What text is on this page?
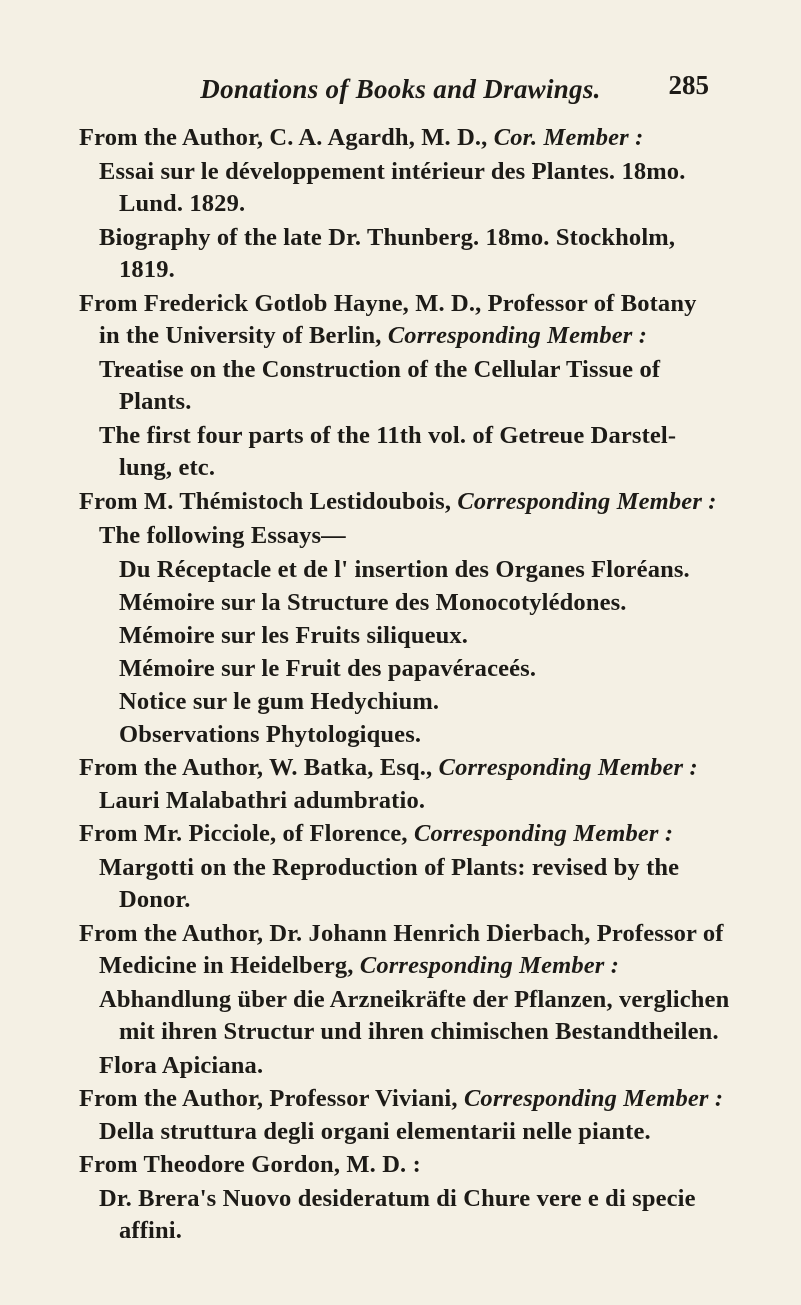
Donations of Books and Drawings.	285
From the Author, C. A. Agardh, M. D., Cor. Member :
Essai sur le développement intérieur des Plantes. 18mo.
Lund. 1829.
Biography of the late Dr. Thunberg. 18mo. Stockholm,
1819.
From Frederick Gotlob Hayne, M. D., Professor of Botany
in the University of Berlin, Corresponding Member :
Treatise on the Construction of the Cellular Tissue of
Plants.
The first four parts of the 11th vol. of Getreue Darstel-
lung, etc.
From M. Thémistoch Lestidoubois, Corresponding Member :
The following Essays—
Du Réceptacle et de l' insertion des Organes Floréans.
Mémoire sur la Structure des Monocotylédones.
Mémoire sur les Fruits siliqueux.
Mémoire sur le Fruit des papavéraceés.
Notice sur le gum Hedychium.
Observations Phytologiques.
From the Author, W. Batka, Esq., Corresponding Member :
Lauri Malabathri adumbratio.
From Mr. Picciole, of Florence, Corresponding Member :
Margotti on the Reproduction of Plants: revised by the
Donor.
From the Author, Dr. Johann Henrich Dierbach, Professor of
Medicine in Heidelberg, Corresponding Member :
Abhandlung über die Arzneikräfte der Pflanzen, verglichen
mit ihren Structur und ihren chimischen Bestandtheilen.
Flora Apiciana.
From the Author, Professor Viviani, Corresponding Member :
Della struttura degli organi elementarii nelle piante.
From Theodore Gordon, M. D. :
Dr. Brera's Nuovo desideratum di Chure vere e di specie
affini.
